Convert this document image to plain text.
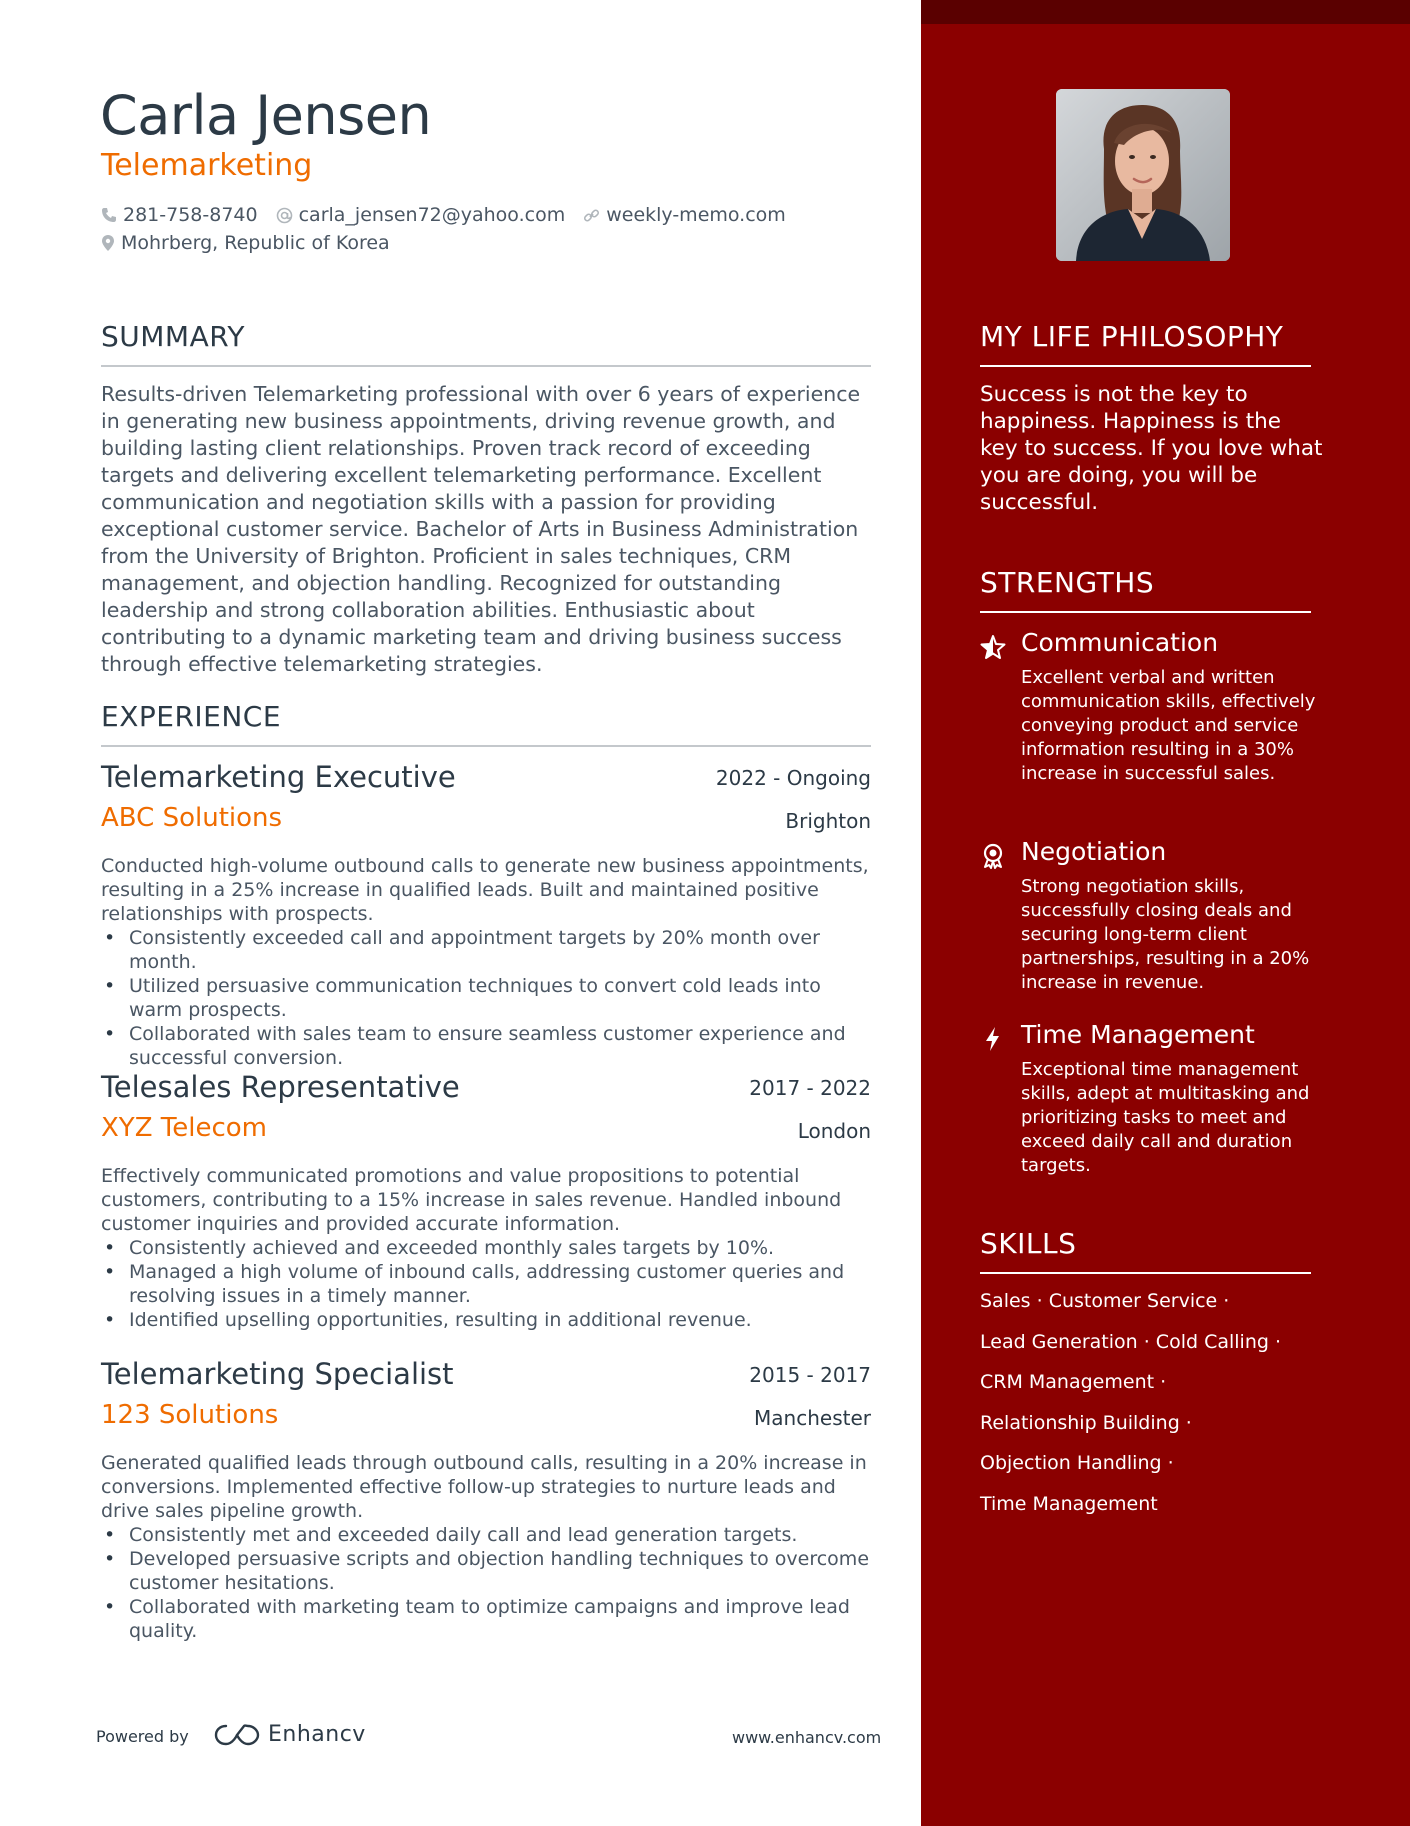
Carla Jensen
Telemarketing
281-758-8740 carla_jensen72@yahoo.com weekly-memo.com
Mohrberg, Republic of Korea
SUMMARY
Results-driven Telemarketing professional with over 6 years of experience in generating new business appointments, driving revenue growth, and building lasting client relationships. Proven track record of exceeding targets and delivering excellent telemarketing performance. Excellent communication and negotiation skills with a passion for providing exceptional customer service. Bachelor of Arts in Business Administration from the University of Brighton. Proficient in sales techniques, CRM management, and objection handling. Recognized for outstanding leadership and strong collaboration abilities. Enthusiastic about contributing to a dynamic marketing team and driving business success through effective telemarketing strategies.
EXPERIENCE
Telemarketing Executive	2022 - Ongoing
ABC Solutions	Brighton
Conducted high-volume outbound calls to generate new business appointments, resulting in a 25% increase in qualified leads. Built and maintained positive relationships with prospects.
• Consistently exceeded call and appointment targets by 20% month over month.
• Utilized persuasive communication techniques to convert cold leads into warm prospects.
• Collaborated with sales team to ensure seamless customer experience and successful conversion.
Telesales Representative	2017 - 2022
XYZ Telecom	London
Effectively communicated promotions and value propositions to potential customers, contributing to a 15% increase in sales revenue. Handled inbound customer inquiries and provided accurate information.
• Consistently achieved and exceeded monthly sales targets by 10%.
• Managed a high volume of inbound calls, addressing customer queries and resolving issues in a timely manner.
• Identified upselling opportunities, resulting in additional revenue.
Telemarketing Specialist	2015 - 2017
123 Solutions	Manchester
Generated qualified leads through outbound calls, resulting in a 20% increase in conversions. Implemented effective follow-up strategies to nurture leads and drive sales pipeline growth.
• Consistently met and exceeded daily call and lead generation targets.
• Developed persuasive scripts and objection handling techniques to overcome customer hesitations.
• Collaborated with marketing team to optimize campaigns and improve lead quality.
Powered by	Enhancv	www.enhancv.com
MY LIFE PHILOSOPHY
Success is not the key to happiness. Happiness is the key to success. If you love what you are doing, you will be successful.
STRENGTHS
Communication
Excellent verbal and written communication skills, effectively conveying product and service information resulting in a 30% increase in successful sales.
Negotiation
Strong negotiation skills, successfully closing deals and securing long-term client partnerships, resulting in a 20% increase in revenue.
Time Management
Exceptional time management skills, adept at multitasking and prioritizing tasks to meet and exceed daily call and duration targets.
SKILLS
Sales · Customer Service ·
Lead Generation · Cold Calling ·
CRM Management ·
Relationship Building ·
Objection Handling ·
Time Management
